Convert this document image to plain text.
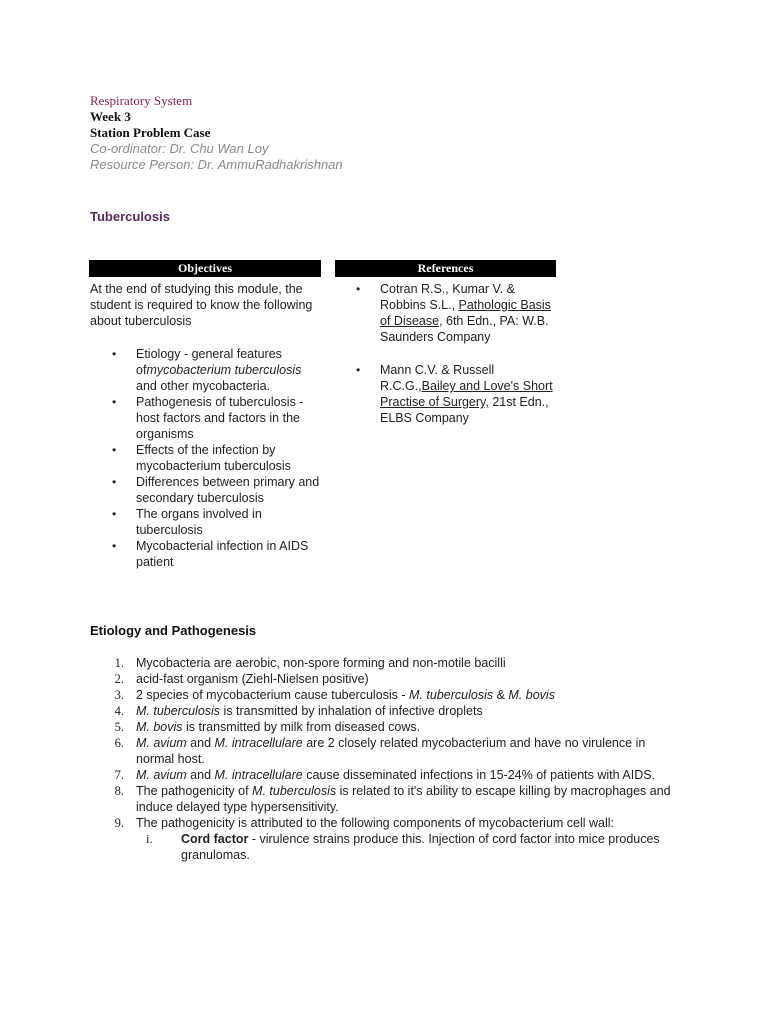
Respiratory System
Week 3
Station Problem Case
Co-ordinator: Dr. Chu Wan Loy
Resource Person: Dr. AmmuRadhakrishnan
Tuberculosis
Objectives
At the end of studying this module, the student is required to know the following about tuberculosis
• Etiology - general features ofmycobacterium tuberculosis and other mycobacteria.
• Pathogenesis of tuberculosis - host factors and factors in the organisms
• Effects of the infection by mycobacterium tuberculosis
• Differences between primary and secondary tuberculosis
• The organs involved in tuberculosis
• Mycobacterial infection in AIDS patient
References
• Cotran R.S., Kumar V. & Robbins S.L., Pathologic Basis of Disease, 6th Edn., PA: W.B. Saunders Company
• Mann C.V. & Russell R.C.G.,Bailey and Love's Short Practise of Surgery, 21st Edn., ELBS Company
Etiology and Pathogenesis
1. Mycobacteria are aerobic, non-spore forming and non-motile bacilli
2. acid-fast organism (Ziehl-Nielsen positive)
3. 2 species of mycobacterium cause tuberculosis - M. tuberculosis & M. bovis
4. M. tuberculosis is transmitted by inhalation of infective droplets
5. M. bovis is transmitted by milk from diseased cows.
6. M. avium and M. intracellulare are 2 closely related mycobacterium and have no virulence in normal host.
7. M. avium and M. intracellulare cause disseminated infections in 15-24% of patients with AIDS.
8. The pathogenicity of M. tuberculosis is related to it's ability to escape killing by macrophages and induce delayed type hypersensitivity.
9. The pathogenicity is attributed to the following components of mycobacterium cell wall:
i. Cord factor - virulence strains produce this. Injection of cord factor into mice produces granulomas.
